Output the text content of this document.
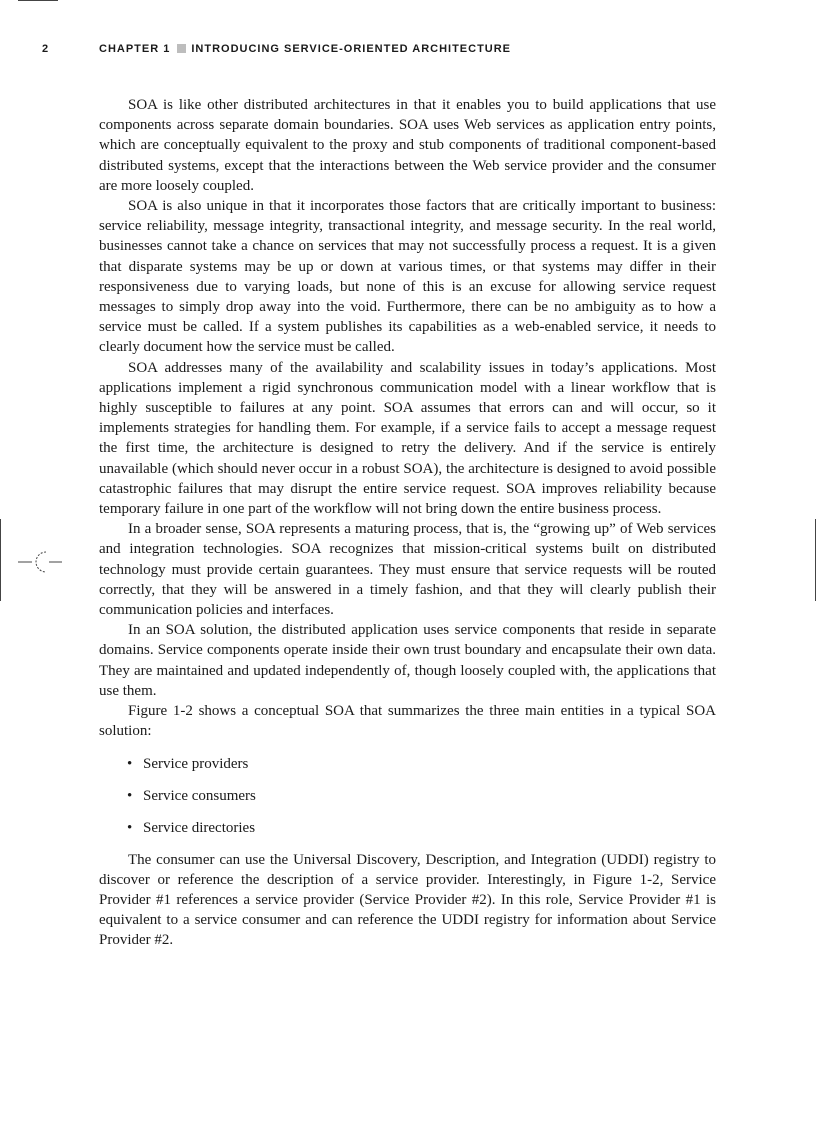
2	CHAPTER 1 INTRODUCING SERVICE-ORIENTED ARCHITECTURE

SOA is like other distributed architectures in that it enables you to build applications that use components across separate domain boundaries. SOA uses Web services as application entry points, which are conceptually equivalent to the proxy and stub components of traditional component-based distributed systems, except that the interactions between the Web service provider and the consumer are more loosely coupled.

SOA is also unique in that it incorporates those factors that are critically important to business: service reliability, message integrity, transactional integrity, and message security. In the real world, businesses cannot take a chance on services that may not successfully process a request. It is a given that disparate systems may be up or down at various times, or that systems may differ in their responsiveness due to varying loads, but none of this is an excuse for allowing service request messages to simply drop away into the void. Furthermore, there can be no ambiguity as to how a service must be called. If a system publishes its capabilities as a web-enabled service, it needs to clearly document how the service must be called.

SOA addresses many of the availability and scalability issues in today’s applications. Most applications implement a rigid synchronous communication model with a linear workflow that is highly susceptible to failures at any point. SOA assumes that errors can and will occur, so it implements strategies for handling them. For example, if a service fails to accept a message request the first time, the architecture is designed to retry the delivery. And if the service is entirely unavailable (which should never occur in a robust SOA), the architecture is designed to avoid possible catastrophic failures that may disrupt the entire service request. SOA improves reliability because temporary failure in one part of the workflow will not bring down the entire business process.

In a broader sense, SOA represents a maturing process, that is, the “growing up” of Web services and integration technologies. SOA recognizes that mission-critical systems built on distributed technology must provide certain guarantees. They must ensure that service requests will be routed correctly, that they will be answered in a timely fashion, and that they will clearly publish their communication policies and interfaces.

In an SOA solution, the distributed application uses service components that reside in separate domains. Service components operate inside their own trust boundary and encapsulate their own data. They are maintained and updated independently of, though loosely coupled with, the applications that use them.

Figure 1-2 shows a conceptual SOA that summarizes the three main entities in a typical SOA solution:

• Service providers
• Service consumers
• Service directories

The consumer can use the Universal Discovery, Description, and Integration (UDDI) registry to discover or reference the description of a service provider. Interestingly, in Figure 1-2, Service Provider #1 references a service provider (Service Provider #2). In this role, Service Provider #1 is equivalent to a service consumer and can reference the UDDI registry for information about Service Provider #2.
